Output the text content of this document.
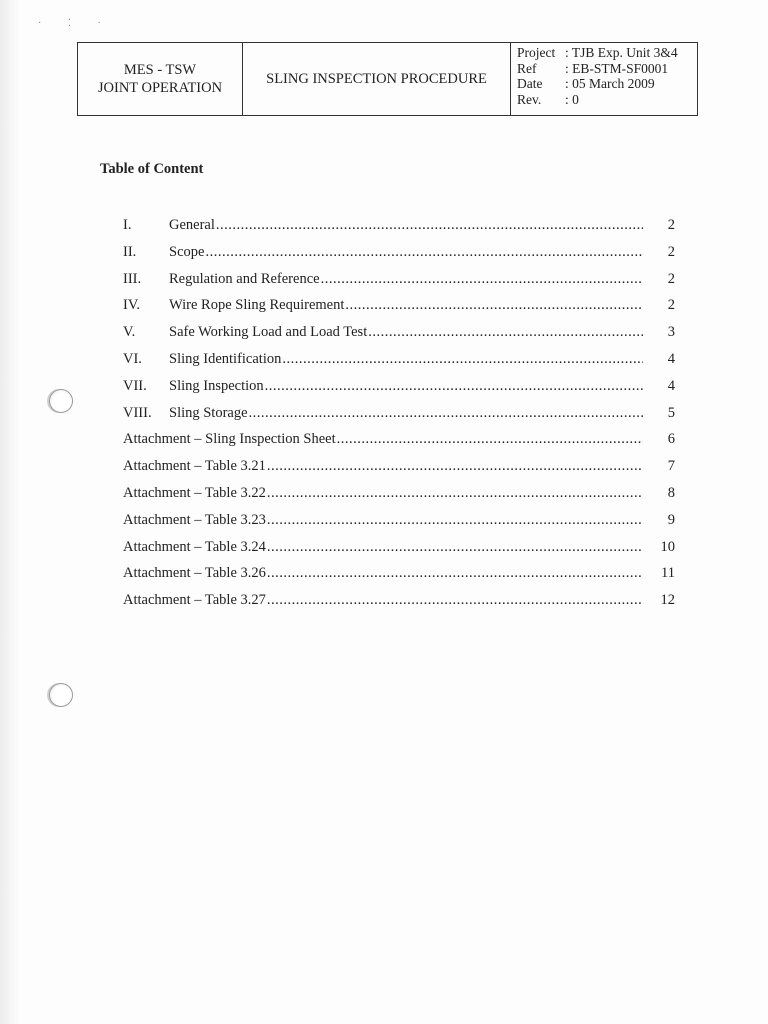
· ⁚ ·
MES - TSW
JOINT OPERATION
SLING INSPECTION PROCEDURE
Project : TJB Exp. Unit 3&4
Ref	: EB-STM-SF0001
Date	: 05 March 2009
Rev.	: 0
Table of Content
I.	General .....	2
II.	Scope .....	2
III.	Regulation and Reference .....	2
IV.	Wire Rope Sling Requirement .....	2
V.	Safe Working Load and Load Test .....	3
VI.	Sling Identification .....	4
VII.	Sling Inspection .....	4
VIII.	Sling Storage .....	5
Attachment – Sling Inspection Sheet .....	6
Attachment – Table 3.21 .....	7
Attachment – Table 3.22 .....	8
Attachment – Table 3.23 .....	9
Attachment – Table 3.24 .....	10
Attachment – Table 3.26 .....	11
Attachment – Table 3.27 .....	12
